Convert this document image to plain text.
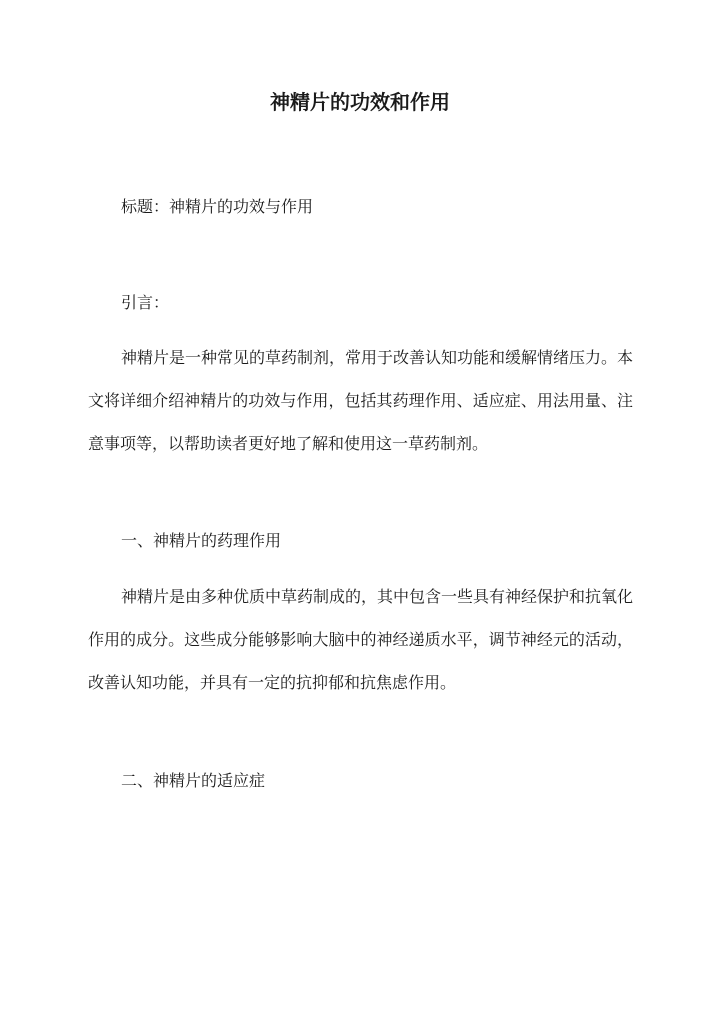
神精片的功效和作用

标题：神精片的功效与作用

引言：

神精片是一种常见的草药制剂，常用于改善认知功能和缓解情绪压力。本文将详细介绍神精片的功效与作用，包括其药理作用、适应症、用法用量、注意事项等，以帮助读者更好地了解和使用这一草药制剂。

一、神精片的药理作用

神精片是由多种优质中草药制成的，其中包含一些具有神经保护和抗氧化作用的成分。这些成分能够影响大脑中的神经递质水平，调节神经元的活动，改善认知功能，并具有一定的抗抑郁和抗焦虑作用。

二、神精片的适应症
